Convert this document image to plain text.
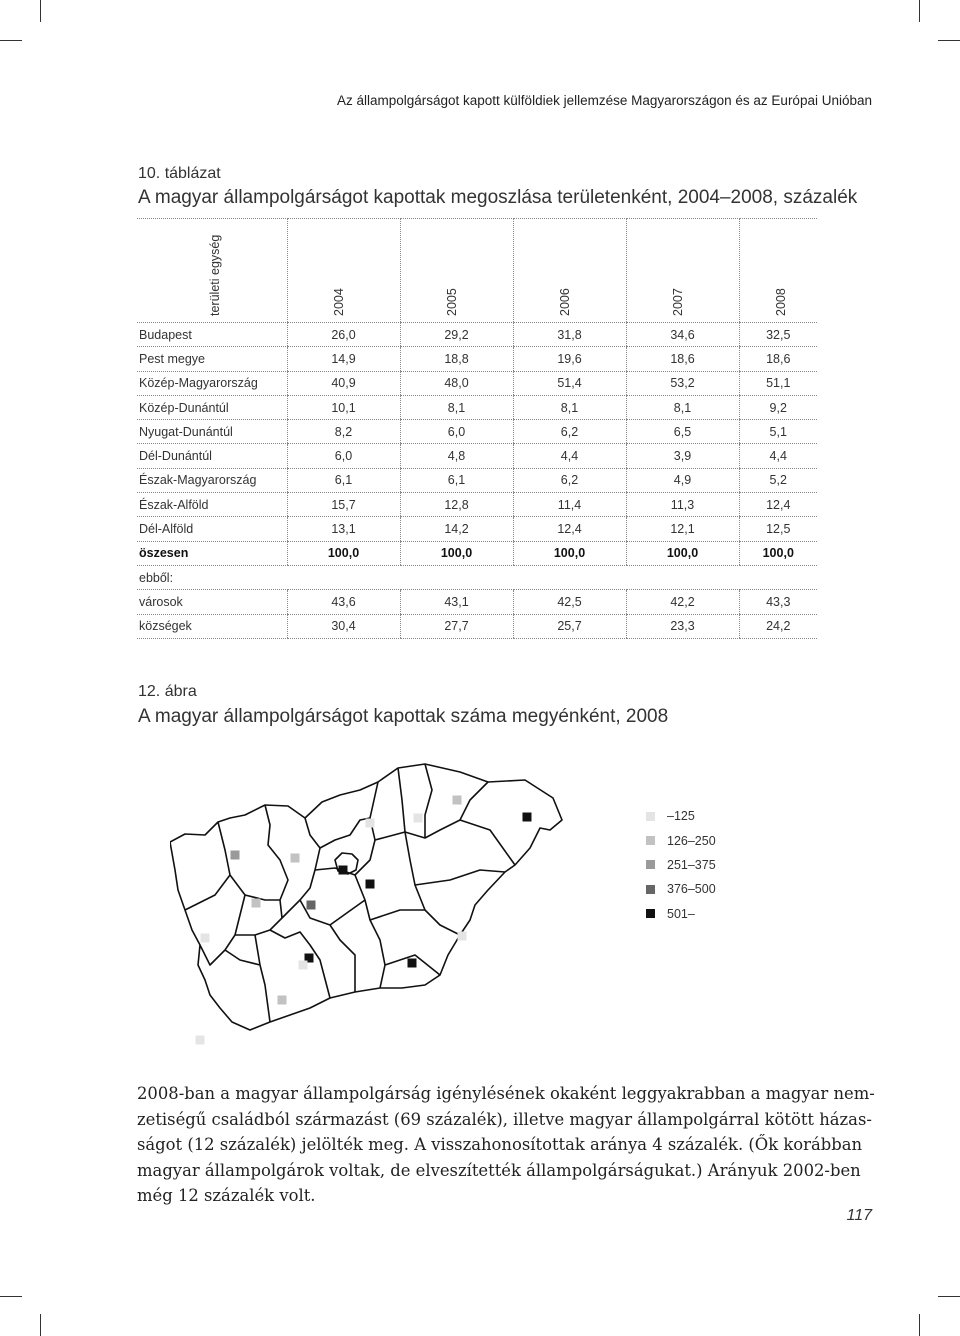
Az állampolgárságot kapott külföldiek jellemzése Magyarországon és az Európai Unióban
10. táblázat
A magyar állampolgárságot kapottak megoszlása területenként, 2004–2008, százalék
területi egység	2004	2005	2006	2007	2008

Budapest	26,0	29,2	31,8	34,6	32,5
Pest megye	14,9	18,8	19,6	18,6	18,6
Közép-Magyarország	40,9	48,0	51,4	53,2	51,1
Közép-Dunántúl	10,1	8,1	8,1	8,1	9,2
Nyugat-Dunántúl	8,2	6,0	6,2	6,5	5,1
Dél-Dunántúl	6,0	4,8	4,4	3,9	4,4
Észak-Magyarország	6,1	6,1	6,2	4,9	5,2
Észak-Alföld	15,7	12,8	11,4	11,3	12,4
Dél-Alföld	13,1	14,2	12,4	12,1	12,5
öszesen	100,0	100,0	100,0	100,0	100,0
ebből:					
városok	43,6	43,1	42,5	42,2	43,3
községek	30,4	27,7	25,7	23,3	24,2
12. ábra
A magyar állampolgárságot kapottak száma megyénként, 2008
–125
126–250
251–375
376–500
501–

2008-ban a magyar állampolgárság igénylésének okaként leggyakrabban a magyar nem-

zetiségű családból származást (69 százalék), illetve magyar állampolgárral kötött házas-

ságot (12 százalék) jelölték meg. A visszahonosítottak aránya 4 százalék. (Ők korábban

magyar állampolgárok voltak, de elveszítették állampolgárságukat.) Arányuk 2002-ben

még 12 százalék volt.

117
